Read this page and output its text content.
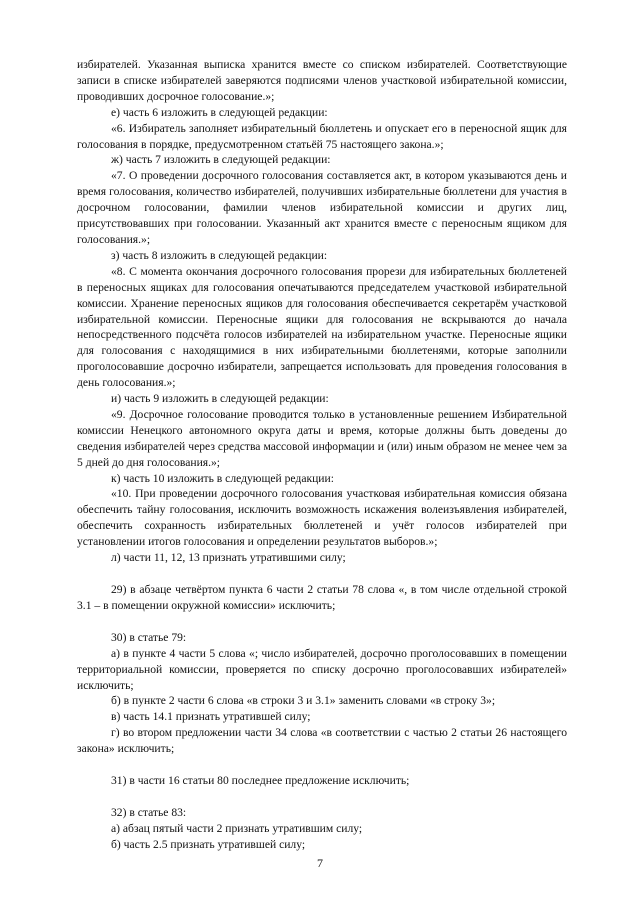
избирателей. Указанная выписка хранится вместе со списком избирателей. Соответствующие записи в списке избирателей заверяются подписями членов участковой избирательной комиссии, проводивших досрочное голосование.»;

е) часть 6 изложить в следующей редакции:

«6. Избиратель заполняет избирательный бюллетень и опускает его в переносной ящик для голосования в порядке, предусмотренном статьёй 75 настоящего закона.»;

ж) часть 7 изложить в следующей редакции:

«7. О проведении досрочного голосования составляется акт, в котором указываются день и время голосования, количество избирателей, получивших избирательные бюллетени для участия в досрочном голосовании, фамилии членов избирательной комиссии и других лиц, присутствовавших при голосовании. Указанный акт хранится вместе с переносным ящиком для голосования.»;

з) часть 8 изложить в следующей редакции:

«8. С момента окончания досрочного голосования прорези для избирательных бюллетеней в переносных ящиках для голосования опечатываются председателем участковой избирательной комиссии. Хранение переносных ящиков для голосования обеспечивается секретарём участковой избирательной комиссии. Переносные ящики для голосования не вскрываются до начала непосредственного подсчёта голосов избирателей на избирательном участке. Переносные ящики для голосования с находящимися в них избирательными бюллетенями, которые заполнили проголосовавшие досрочно избиратели, запрещается использовать для проведения голосования в день голосования.»;

и) часть 9 изложить в следующей редакции:

«9. Досрочное голосование проводится только в установленные решением Избирательной комиссии Ненецкого автономного округа даты и время, которые должны быть доведены до сведения избирателей через средства массовой информации и (или) иным образом не менее чем за 5 дней до дня голосования.»;

к) часть 10 изложить в следующей редакции:

«10. При проведении досрочного голосования участковая избирательная комиссия обязана обеспечить тайну голосования, исключить возможность искажения волеизъявления избирателей, обеспечить сохранность избирательных бюллетеней и учёт голосов избирателей при установлении итогов голосования и определении результатов выборов.»;

л) части 11, 12, 13 признать утратившими силу;

29) в абзаце четвёртом пункта 6 части 2 статьи 78 слова «, в том числе отдельной строкой 3.1 – в помещении окружной комиссии» исключить;

30) в статье 79:

а) в пункте 4 части 5 слова «; число избирателей, досрочно проголосовавших в помещении территориальной комиссии, проверяется по списку досрочно проголосовавших избирателей» исключить;

б) в пункте 2 части 6 слова «в строки 3 и 3.1» заменить словами «в строку 3»;

в) часть 14.1 признать утратившей силу;

г) во втором предложении части 34 слова «в соответствии с частью 2 статьи 26 настоящего закона» исключить;

31) в части 16 статьи 80 последнее предложение исключить;

32) в статье 83:

а) абзац пятый части 2 признать утратившим силу;

б) часть 2.5 признать утратившей силу;

7
